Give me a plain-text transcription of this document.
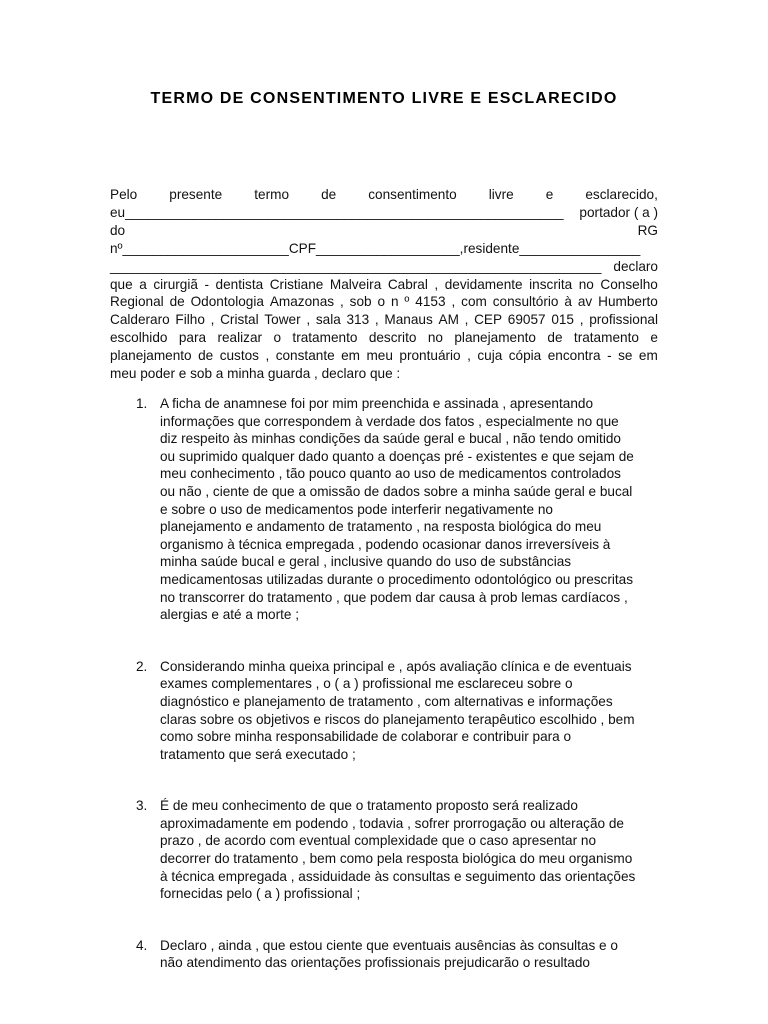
TERMO DE CONSENTIMENTO LIVRE E ESCLARECIDO
Pelo presente termo de consentimento livre e esclarecido,
eu__________________________________________________________ portador ( a )
do	RG
nº______________________CPF___________________,residente________________
_________________________________________________________________ declaro
que a cirurgiã - dentista Cristiane Malveira Cabral , devidamente inscrita no Conselho
Regional de Odontologia Amazonas , sob o n º 4153 , com consultório à av Humberto
Calderaro Filho , Cristal Tower , sala 313 , Manaus AM , CEP 69057 015 , profissional
escolhido para realizar o tratamento descrito no planejamento de tratamento e
planejamento de custos , constante em meu prontuário , cuja cópia encontra - se em
meu poder e sob a minha guarda , declaro que :
1. A ficha de anamnese foi por mim preenchida e assinada , apresentando

informações que correspondem à verdade dos fatos , especialmente no que

diz respeito às minhas condições da saúde geral e bucal , não tendo omitido

ou suprimido qualquer dado quanto a doenças pré - existentes e que sejam de

meu conhecimento , tão pouco quanto ao uso de medicamentos controlados

ou não , ciente de que a omissão de dados sobre a minha saúde geral e bucal

e sobre o uso de medicamentos pode interferir negativamente no

planejamento e andamento de tratamento , na resposta biológica do meu

organismo à técnica empregada , podendo ocasionar danos irreversíveis à

minha saúde bucal e geral , inclusive quando do uso de substâncias

medicamentosas utilizadas durante o procedimento odontológico ou prescritas

no transcorrer do tratamento , que podem dar causa à prob lemas cardíacos ,

alergias e até a morte ;

2. Considerando minha queixa principal e , após avaliação clínica e de eventuais

exames complementares , o ( a ) profissional me esclareceu sobre o

diagnóstico e planejamento de tratamento , com alternativas e informações

claras sobre os objetivos e riscos do planejamento terapêutico escolhido , bem

como sobre minha responsabilidade de colaborar e contribuir para o

tratamento que será executado ;

3. É de meu conhecimento de que o tratamento proposto será realizado

aproximadamente em podendo , todavia , sofrer prorrogação ou alteração de

prazo , de acordo com eventual complexidade que o caso apresentar no

decorrer do tratamento , bem como pela resposta biológica do meu organismo

à técnica empregada , assiduidade às consultas e seguimento das orientações

fornecidas pelo ( a ) profissional ;

4. Declaro , ainda , que estou ciente que eventuais ausências às consultas e o

não atendimento das orientações profissionais prejudicarão o resultado
